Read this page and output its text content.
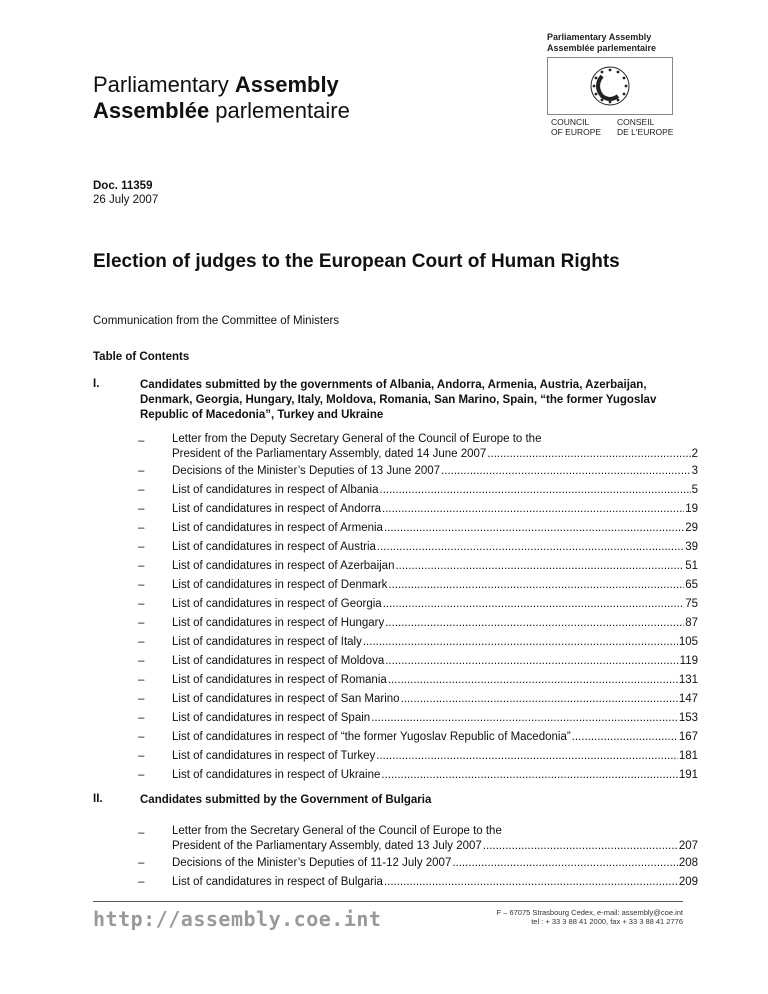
Parliamentary Assembly
Assemblée parlementaire
COUNCIL
OF EUROPE
CONSEIL
DE L'EUROPE
Parliamentary Assembly
Assemblée parlementaire
Doc. 11359
26 July 2007
Election of judges to the European Court of Human Rights
Communication from the Committee of Ministers
Table of Contents
I.	Candidates submitted by the governments of Albania, Andorra, Armenia, Austria, Azerbaijan, Denmark, Georgia, Hungary, Italy, Moldova, Romania, San Marino, Spain, “the former Yugoslav Republic of Macedonia”, Turkey and Ukraine
–	Letter from the Deputy Secretary General of the Council of Europe to the
President of the Parliamentary Assembly, dated 14 June 2007 .....	2
–	Decisions of the Minister’s Deputies of 13 June 2007 .....	3
–	List of candidatures in respect of Albania .....	5
–	List of candidatures in respect of Andorra .....	19
–	List of candidatures in respect of Armenia .....	29
–	List of candidatures in respect of Austria .....	39
–	List of candidatures in respect of Azerbaijan .....	51
–	List of candidatures in respect of Denmark .....	65
–	List of candidatures in respect of Georgia .....	75
–	List of candidatures in respect of Hungary .....	87
–	List of candidatures in respect of Italy .....	105
–	List of candidatures in respect of Moldova .....	119
–	List of candidatures in respect of Romania .....	131
–	List of candidatures in respect of San Marino .....	147
–	List of candidatures in respect of Spain .....	153
–	List of candidatures in respect of “the former Yugoslav Republic of Macedonia” .....	167
–	List of candidatures in respect of Turkey .....	181
–	List of candidatures in respect of Ukraine .....	191
II.	Candidates submitted by the Government of Bulgaria
–	Letter from the Secretary General of the Council of Europe to the
President of the Parliamentary Assembly, dated 13 July 2007 .....	207
–	Decisions of the Minister’s Deputies of 11-12 July 2007 .....	208
–	List of candidatures in respect of Bulgaria .....	209
http://assembly.coe.int	F – 67075 Strasbourg Cedex, e-mail: assembly@coe.int
tel : + 33 3 88 41 2000, fax + 33 3 88 41 2776
